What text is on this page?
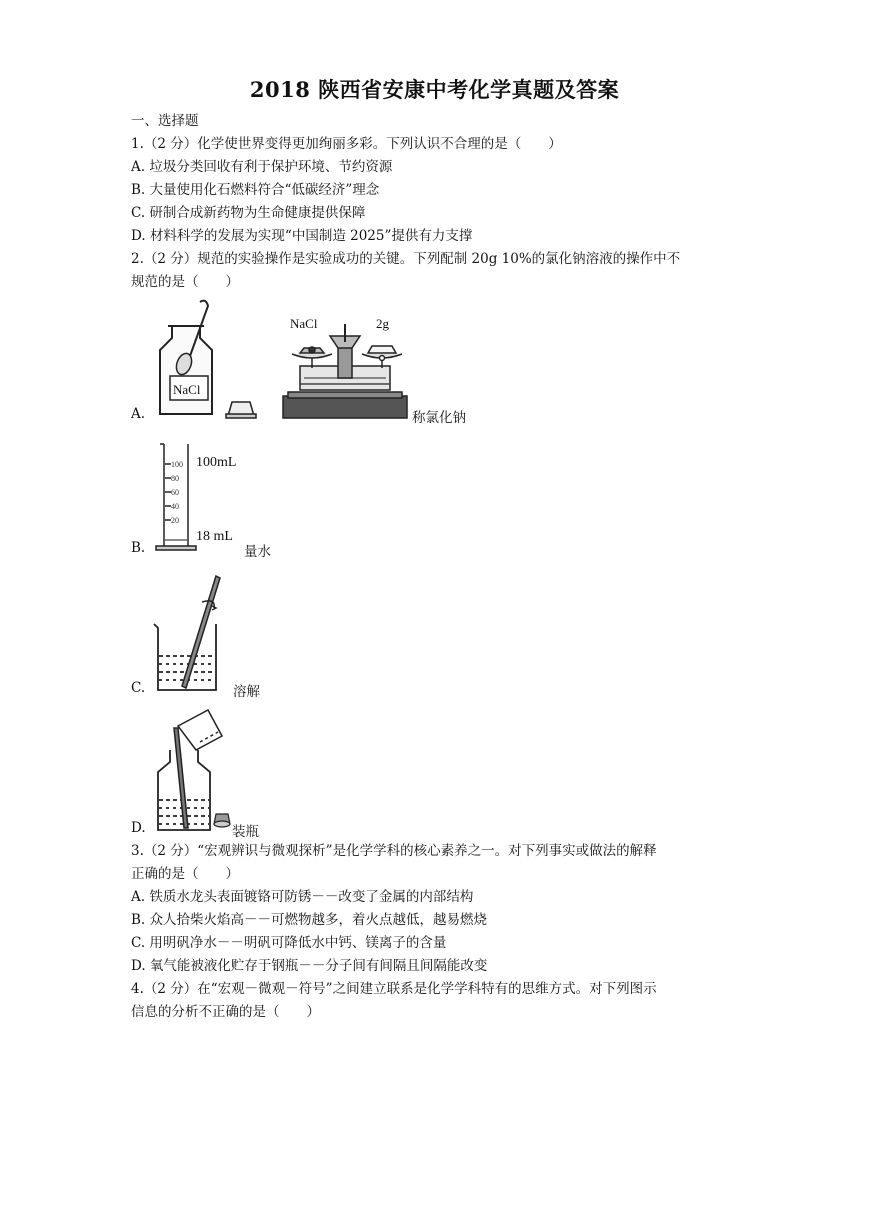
2018 陕西省安康中考化学真题及答案
一、选择题
1.（2 分）化学使世界变得更加绚丽多彩。下列认识不合理的是（　　）
A. 垃圾分类回收有利于保护环境、节约资源
B. 大量使用化石燃料符合“低碳经济”理念
C. 研制合成新药物为生命健康提供保障
D. 材料科学的发展为实现“中国制造 2025”提供有力支撑
2.（2 分）规范的实验操作是实验成功的关键。下列配制 20g 10%的氯化钠溶液的操作中不
规范的是（　　）
A.
NaCl
NaCl	2g
称氯化钠
B.
100
80
60
40
20
100mL
18 mL
量水
C.	溶解
D.	装瓶
3.（2 分）“宏观辨识与微观探析”是化学学科的核心素养之一。对下列事实或做法的解释
正确的是（　　）
A. 铁质水龙头表面镀铬可防锈－－改变了金属的内部结构
B. 众人拾柴火焰高－－可燃物越多，着火点越低，越易燃烧
C. 用明矾净水－－明矾可降低水中钙、镁离子的含量
D. 氧气能被液化贮存于钢瓶－－分子间有间隔且间隔能改变
4.（2 分）在“宏观－微观－符号”之间建立联系是化学学科特有的思维方式。对下列图示
信息的分析不正确的是（　　）
